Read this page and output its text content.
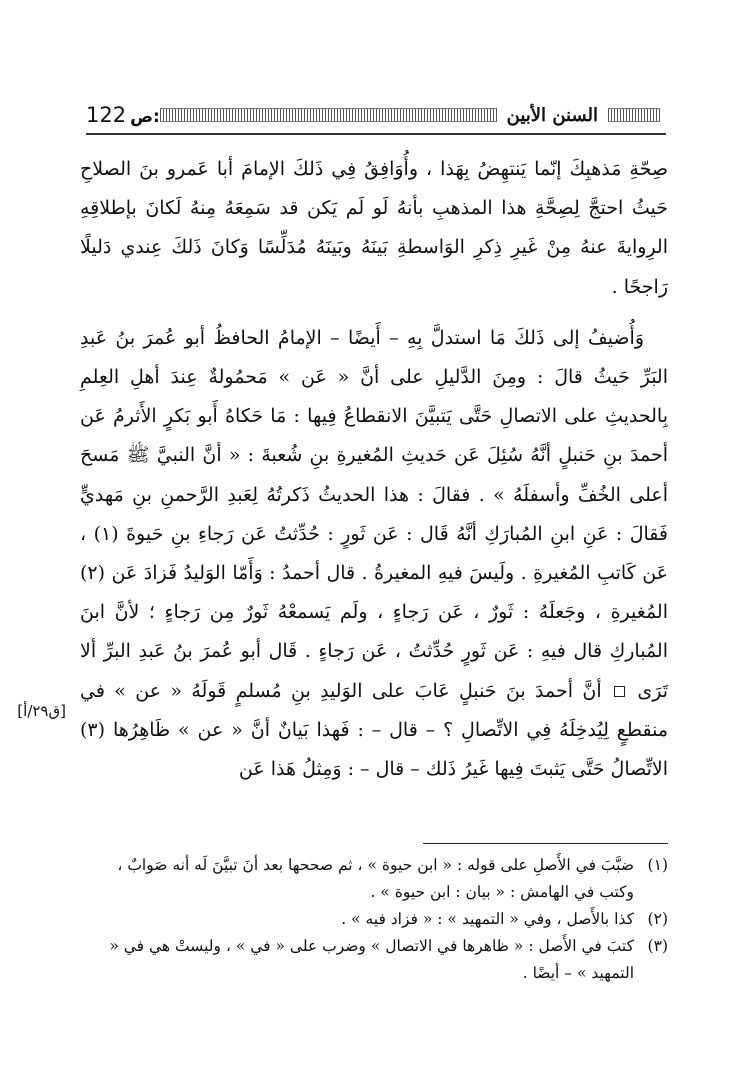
122 ص:	السنن الأبين

صِحّةِ مَذهبِكَ إنّما يَنتهِضُ بِهَذا ، وأُوَافِقُ فِي ذَلكَ الإمامَ أبا عَمرو بنَ الصلاحِ حَيثُ احتجَّ لِصِحَّةِ هذا المذهبِ بأنهُ لَو لَم يَكن قد سَمِعَهُ مِنهُ لَكانَ بإطلاقِهِ الرِوايةَ عنهُ مِنْ غَيرِ ذِكرِ الوَاسطةِ بَينَهُ وبَينَهُ مُدَلِّسًا وَكانَ ذَلكَ عِندي دَليلًا رَاجحًا .

وَأُضيفُ إلى ذَلكَ مَا استدلَّ بِهِ – أَيضًا – الإمامُ الحافظُ أبو عُمرَ بنُ عَبدِ البَرِّ حَيثُ قالَ : ومِنَ الدَّليلِ على أنَّ « عَن » مَحمُولةٌ عِندَ أهلِ العِلمِ بِالحديثِ على الاتصالِ حَتَّى يَتبيَّنَ الانقطاعُ فِيها : مَا حَكاهُ أَبو بَكرٍ الأَثرمُ عَن أحمدَ بنِ حَنبلٍ أنَّهُ سُئِلَ عَن حَديثِ المُغيرةِ بنِ شُعبةَ : « أنَّ النبيَّ ﷺ مَسحَ أعلى الخُفِّ وأسفلَهُ » . فقالَ : هذا الحديثُ ذَكرتُهُ لِعَبدِ الرَّحمنِ بنِ مَهديٍّ فَقالَ : عَنِ ابنِ المُبارَكِ أنَّهُ قَال : عَن ثَورٍ : حُدِّثتُ عَن رَجاءِ بنِ حَيوةَ (١) ، عَن كَاتبِ المُغيرةِ . ولَيسَ فيهِ المغيرةُ . قال أحمدُ : وَأَمّا الوَليدُ فَزادَ عَن (٢) المُغيرةِ ، وجَعلَهُ : ثَورٌ ، عَن رَجاءٍ ، ولَم يَسمعْهُ ثَورٌ مِن رَجاءٍ ؛ لأنَّ ابنَ المُباركِ قال فيهِ : عَن ثَورٍ حُدِّثتُ ، عَن رَجاءٍ . قَال أبو عُمرَ بنُ عَبدِ البرِّ ألا تَرَى  أنَّ أحمدَ بنَ حَنبلٍ عَابَ على الوَليدِ بنِ مُسلمٍ قَولَهُ « عن » في منقطعٍ لِيُدخِلَهُ فِي الاتِّصالِ ؟ – قال – : فَهذا بَيانٌ أنَّ « عن » ظَاهِرُها (٣) الاتِّصالُ حَتَّى يَثبتَ فِيها غَيرُ ذَلك – قال – : وَمِثلُ هَذا عَن

[ق٢٩/أ]
(١)
ضبَّبَ في الأَصلِ على قوله : « ابن حيوة » ، ثم صححها بعد أنَ تبيَّنَ لَه أنه صَوابٌ ، وكتب في الهامش : « بيان : ابن حيوة » .
(٢)
كذا بالأَصل ، وفي « التمهيد » : « فزاد فيه » .
(٣)
كتبَ في الأَصل : « ظاهرها في الاتصال » وضرب على « في » ، وليستْ هي في « التمهيد » – أيضًا .
